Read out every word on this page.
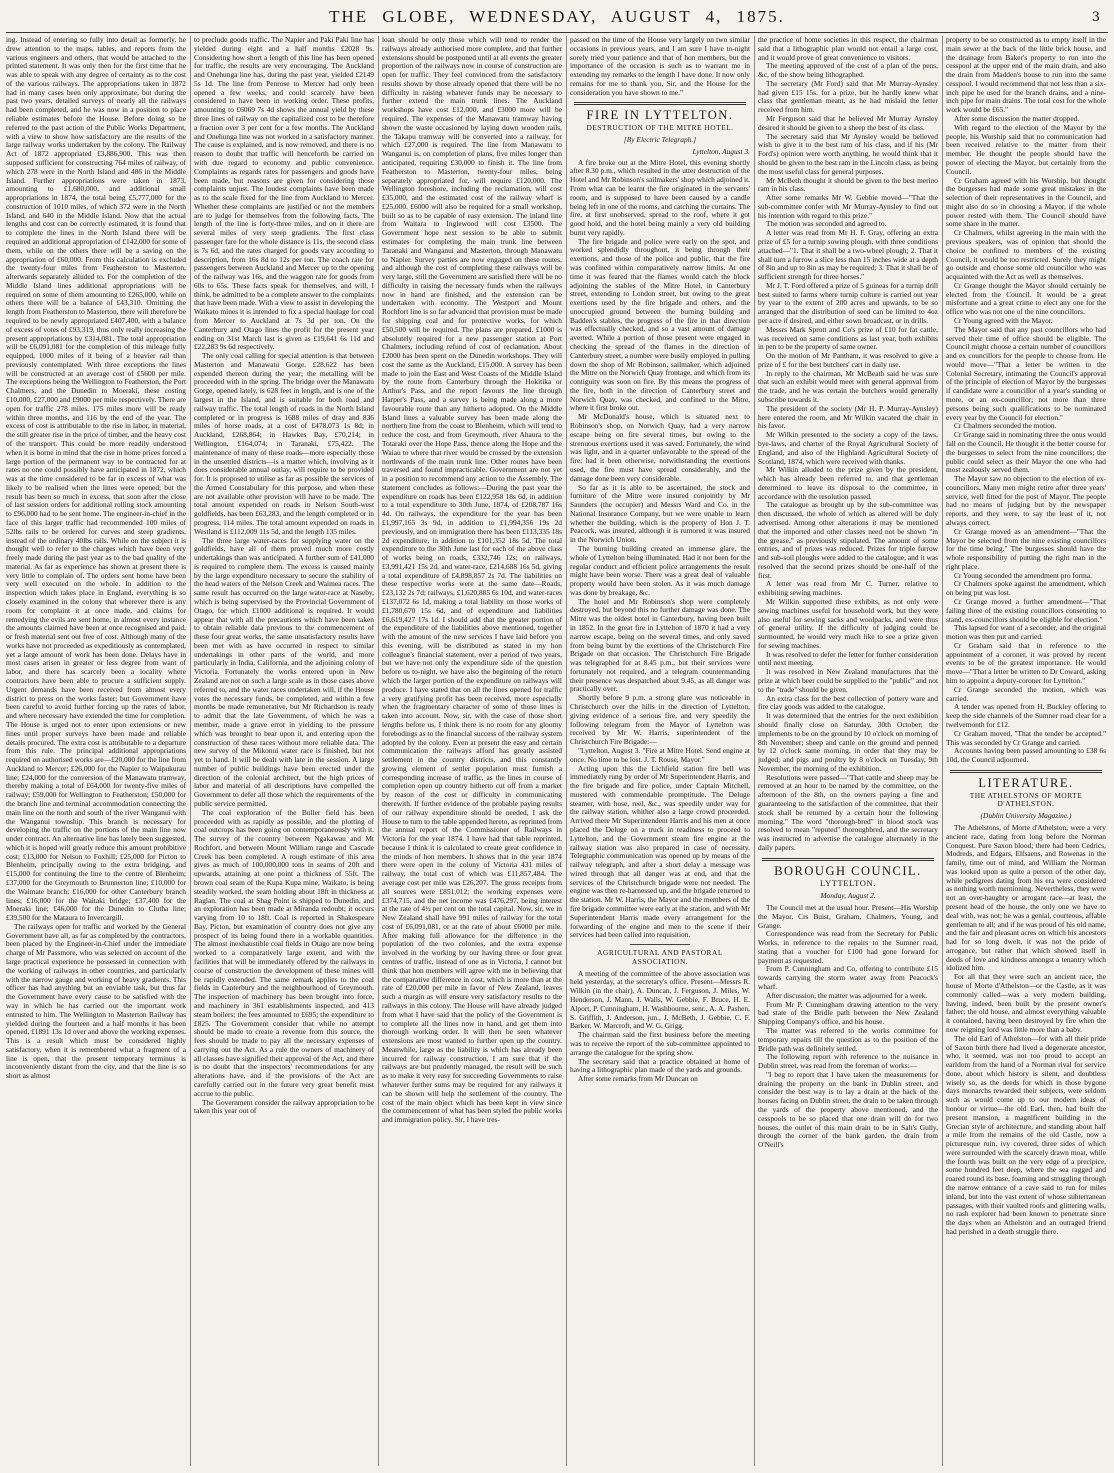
THE GLOBE, WEDNESDAY, AUGUST 4, 1875.	3

ing. Instead of entering so fully into detail as formerly, he drew attention to the maps, tables, and reports from the various engineers and others, that would be attached to the printed statement. It was only then for the first time that he was able to speak with any degree of certainty as to the cost of the various railways. The appropriations taken in 1872 had in many cases been only approximate, but during the past two years, detailed surveys of nearly all the railways had been completed, and he was now in a position to place reliable estimates before the House. Before doing so he referred to the past action of the Public Works Department, with a view to show how satisfactory are the results of the large railway works undertaken by the colony. The Railway Act of 1872 appropriated £3,886,900. This was then supposed sufficient for constructing 764 miles of railway, of which 278 were in the North Island and 486 in the Middle Island. Further appropriations were taken in 1873, amounting to £1,680,000, and additional small appropriations in 1874, the total being £5,777,000 for the construction of 1010 miles, of which 372 were in the North Island, and 640 in the Middle Island. Now that the actual lengths and cost can be correctly estimated, it is found that to complete the lines in the North Island there will be required an additional appropriation of £142,000 for some of them, while on the others there will be a saving on the appropriation of £60,000. From this calculation is excluded the twenty-four miles from Featherston to Masterton, afterwards separately alluded to. For the completion of the Middle Island lines additional appropriations will be required on some of them amounting to £265,000, while on others there will be a balance of £43,310. Omitting the length from Featherston to Masterton, there will therefore be required to be newly appropriated £407,400, with a balance of excess of votes of £93,319, thus only really increasing the present appropriations by £314,081. The total appropriation will be £6,091,081 for the completion of this mileage fully equipped, 1000 miles of it being of a heavier rail than previously contemplated. With three exceptions the lines will be constructed at an average cost of £5600 per mile. The exceptions being the Wellington to Featherston, the Port Chalmers, and the Dunedin to Moeraki, these costing £10,000, £27,000 and £9000 per mile respectively. There are open for traffic 278 miles. 175 miles more will be ready within three months, and 116 by the end of the year. The excess of cost is attributable to the rise in labor, in material, the still greater rise in the price of timber, and the heavy cost of the transport. This could be more readily understood when it is borne in mind that the rise in home prices forced a large portion of the permanent way to be contracted for at rates no one could possibly have anticipated in 1872, which was at the time considered to be far in excess of what was likely to be realised when the lines were opened; but the result has been so much in excess, that soon after the close of last session orders for additional rolling stock amounting to £96,000 had to be sent home. The engineer-in-chief in the face of this larger traffic had recommended 100 miles of 52lbs rails to be ordered for curves and steep gradients, instead of the ordinary 40lbs rails. While on the subject it is thought well to refer to the charges which have been very freely made during the past year as to the bad quality of the material. As far as experience has shown at present there is very little to complain of. The orders sent home have been very well executed on the whole. In addition to the inspection which takes place in England, everything is so closely examined in the colony that wherever there is any room for complaint it at once made, and claims for remedying the evils are sent home, in almost every instance the amounts claimed have been at once recognised and paid, or fresh material sent out free of cost. Although many of the works have not proceeded as expeditiously as contemplated, yet a large amount of work has been done. Delays have in most cases arisen in greater or less degree from want of labor, and there has scarcely been a locality where contractors have been able to procure a sufficient supply. Urgent demands have been received from almost every district to press on the works faster; but Government have been careful to avoid further forcing up the rates of labor, and where necessary have extended the time for completion. The House is urged not to enter upon extensions or new lines until proper surveys have been made and reliable details procured. The extra cost is attributable to a departure from this rule. The principal additional appropriations required on authorised works are—£20,000 for the line from Auckland to Mercer; £26,000 for the Napier to Waipukurau line; £24,000 for the conversion of the Manawatu tramway, thereby making a total of £64,000 for twenty-five miles of railway; £59,000 for Wellington to Featherston; £50,000 for the branch line and terminal accommodation connecting the main line on the north and south of the river Wanganui with the Wanganui township. This branch is necessary for developing the traffic on the portions of the main line now under contract. An alternative line has lately been suggested, which it is hoped will greatly reduce this amount prohibitive cost; £13,000 for Nelson to Foxhill; £25,000 for Picton to Blenheim, principally owing to the extra bridging, and £15,000 for continuing the line to the centre of Blenheim; £37,000 for the Greymouth to Brunnerton line; £10,000 for the Waimate branch; £16,000 for other Canterbury branch lines; £16,000 for the Waitaki bridge; £37,400 for the Moeraki line; £46,000 for the Dunedin to Clutha line; £39,500 for the Mataura to Invercargill.

The railways open for traffic and worked by the General Government have all, as far as completed by the contractors, been placed by the Engineer-in-Chief under the immediate charge of Mr Passmore, who was selected on account of the large practical experience he possessed in connection with the working of railways in other countries, and particularly with the narrow gauge and working of heavy gradients. This officer has had anything but an enviable task, but thus far the Government have every cause to be satisfied with the way in which he has carried out the important work entrusted to him. The Wellington to Masterton Railway has yielded during the fourteen and a half months it has been opened, £1891 13s 1d over and above the working expenses. This is a result which must be considered highly satisfactory, when it is remembered what a fragment of a line is open, that the present temporary terminus is inconveniently distant from the city, and that the line is so short as almost

to preclude goods traffic. The Napier and Paki Paki line has yielded during eight and a half months £2028 9s. Considering how short a length of this line has been opened for traffic, the results are very encouraging. The Auckland and Onehunga line has, during the past year, yielded £2149 5s 1d. The line from Penrose to Mercer had only been opened a few weeks, and could scarcely have been considered to have been in working order. These profits, amounting to £6069 7s 4d shows the annual yield by these three lines of railway on the capitalized cost to be therefore a fraction over 3 per cent for a few months. The Auckland and Onehunga line was not worked in a satisfactory manner. The cause is explained, and is now removed, and there is no reason to doubt that traffic will henceforth be carried on with due regard to economy and public convenience. Complaints as regards rates for passengers and goods have been made, but reasons are given for considering those complaints unjust. The loudest complaints have been made as to the scale fixed for the line from Auckland to Mercer. Whether these complaints are justified or not the members are to judge for themselves from the following facts. The length of the line is forty-three miles, and on it there are several miles of very steep gradients. The first class passenger fare for the whole distance is 11s, the second class is 7s 6d, and the rates charged for goods vary according to description, from 16s 8d to 12s per ton. The coach rate for passengers between Auckland and Mercer up to the opening of the railway was 16s, and the waggon rate for goods from 60s to 65s. These facts speak for themselves, and will, I think, be admitted to be a complete answer to the complaints that have been made. With a view to assist in developing the Waikato mines it is intended to fix a special haulage for coal from Mercer to Auckland at 7s 3d per ton. On the Canterbury and Otago lines the profit for the present year ending on 31st March last is given as £19,641 6s 11d and £22,283 9s 6d respectively.

The only coal calling for special attention is that between Masterton and Manawatu Gorge. £28,622 has been expended thereon during the year; the metalling will be proceeded with in the spring. The bridge over the Manawatu Gorge, opened lately, is 628 feet in length, and is one of the largest in the Island, and is suitable for both road and railway traffic. The total length of roads in the North Island completed or in progress is 1688 miles of dray and 836 miles of horse roads, at a cost of £478,073 1s 8d; in Auckland, £268,864; in Hawkes Bay, £70,214; in Wellington, £164,074; in Taranaki, £75,422. The maintenance of many of these roads—more especially those in the unsettled districts—is a matter which, involving as it does considerable annual outlay, will require to be provided for. It is proposed to utilise as far as possible the services of the Armed Constabulary for this purpose, and when these are not available other provision will have to be made. The total amount expended on roads in Nelson South-west goldfields, has been £63,283, and the length completed or in progress, 114 miles. The total amount expended on roads in Westland is £112,009 11s 5d, and the length 135 miles.

The three large water-races for supplying water on the goldfields, have all of them proved much more costly undertakings than was anticipated. A further sum of £41,000 is required to complete them. The excess is caused mainly by the large expenditure necessary to secure the stability of the head waters of the Nelson Creek and Waimea races. The same result has occurred on the large water-race at Naseby, which is being supervised by the Provincial Government of Otago, for which £1000 additional is required. It would appear that with all the precautions which have been taken to obtain reliable data previous to the commencement of these four great works, the same unsatisfactory results have been met with as have occurred in respect to similar undertakings in other parts of the world, and more particularly in India, California, and the adjoining colony of Victoria. Fortunately the works entered upon in New Zealand are not on such a large scale as in those cases above referred to, and the water races undertaken will, if the House votes the necessary funds, be completed, and within a few months be made remunerative, but Mr Richardson is ready to admit that the late Government, of which he was a member, made a grave error in yielding to the pressure which was brought to bear upon it, and entering upon the construction of these races without more reliable data. The new survey of the Mikonui water race is finished, but not yet to hand. It will be dealt with late in the session. A large number of public buildings have been erected under the direction of the colonial architect, but the high prices of labor and material of all descriptions have compelled the Government to defer all those which the requirements of the public service permitted.

The coal exploration of the Buller field has been proceeded with as rapidly as possible, and the plotting of coal outcrops has been going on contemporaneously with it. The survey of the country between Ngakawau and Mt Rochfort, and between Mount William range and Cascade Creek has been completed. A rough estimate of this area gives as much of 100,000,000 tons in seams of 20ft and upwards, attaining at one point a thickness of 55ft. The brown coal seam of the Kupa Kupa mine, Waikato, is being steadily worked, the seam holding about 18ft in thickness at Raglan. The coal at Shag Point is shipped to Dunedin, and an exploration has been made at Miranda redoubt; it occurs varying from 10 to 18ft. Coal is reported in Shakespeare Bay, Picton, but examination of country does not give any prospect of its being found there in a workable quantities. The almost inexhaustible coal fields in Otago are now being worked to a comparatively large extent, and with the facilities that will be immediately offered by the railways in course of construction the development of these mines will be rapidly extended. The same remark applies to the coal fields in Canterbury and the neighbourhood of Greymouth. The inspection of machinery has been brought into force, and machinery in 361 establishments inspected, and 413 steam boilers; the fees amounted to £695; the expenditure to £825. The Government consider that while no attempt should be made to create a revenue from this source, the fees should be made to pay all the necessary expenses of carrying out the Act. As a rule the owners of machinery of all classes have signified their approval of the Act, and there is no doubt that the inspectors' recommendations for any alterations have, and if the provisions of the Act are carefully carried out in the future very great benefit must accrue to the public.

The Government consider the railway appropriation to be taken this year out of

loan should be only those which will tend to render the railways already authorised more complete, and that further extensions should be postponed until at all events the greater proportion of the railways now in course of construction are open for traffic. They feel convinced from the satisfactory results shown by those already opened that there will be no difficulty in raising whatever funds may be necessary to further extend the main trunk lines. The Auckland workshops have cost £12,000, and £3000 more will be required. The expenses of the Manawatu tramway having shown the waste occasioned by laying down wooden rails, the Takapu tramway will be converted into a railway, for which £27,000 is required. The line from Manawatu to Wanganui is, on completion of plans, five miles longer than anticipated, requiring £30,000 to finish it. The line from Featherston to Masterton, twenty-four miles, being separately appropriated for, will require £120,000. The Wellington foreshore, including the reclamation, will cost £35,000, and the estimated cost of the railway wharf is £25,000. £6000 will also be required for a small workshop, built so as to be capable of easy extension. The inland line from Waitara to Inglewood will cost £3500. The Government hope next session to be able to submit estimates for completing the main trunk line between Taranaki and Wanganui and Masterton, through Manawatu to Napier. Survey parties are now engaged on these routes, and although the cost of completing these railways will be very large, still the Government are satisfied there will be no difficulty in raising the necessary funds when the railways now in hand are finished, and the extension can be undertaken with economy. The Westport and Mount Rochfort line is so far advanced that provision must be made for shipping coal and for protective works, for which £50,500 will be required. The plans are prepared. £1000 is absolutely required for a new passenger station at Port Chalmers, including refund of cost of reclamation. About £2000 has been spent on the Dunedin workshops. They will cost the same as the Auckland, £15,000. A survey has been made to join the East and West Coasts of the Middle Island by the route from Canterbury through the Hokitika or Arthur's Pass, and the report favours the line through Harper's Pass, and a survey is being made along a more favourable route than any hitherto adopted. On the Middle Island lines a valuable survey has been made along the northern line from the coast to Blenheim, which will tend to reduce the cost, and from Greymouth, river Ahaura to the Totaraki over the Hope Pass, thence along the Hope and the Waiau to where that river would be crossed by the extension northwards of the main trunk line. Other routes have been traversed and found impracticable. Government are not yet in a position to recommend any action to the Assembly. The statement concludes as follows:—During the past year the expenditure on roads has been £122,958 18s 6d, in addition to a total expenditure to 30th June, 1874, of £208,787 16s 4d. On railways, the expenditure for the year has been £1,997,165 3s 9d, in addition to £1,994,356 19s 2d previously, and on immigration there has been £113,335 18s 2d expenditure, in addition to £101,352 18s 5d. The total expenditure to the 30th June last for each of the above class of works being on roads, £332,746 12s; on railways, £3,991,421 15s 2d, and water-race, £214,688 16s 5d, giving a total expenditure of £4,898,857 2s 7d. The liabilities on these respective works were at the same date—Roads, £23,132 2s 7d; railways, £1,620,885 6s 10d, and water-races £137,072 6s 1d, making a total liability on those works of £1,780,670 15s 6d, and of expenditure and liabilities £6,619,427 17s 1d. I should add that the greater portion of the expenditure of the liabilities above mentioned, together with the amount of the new services I have laid before you this evening, will be distributed as stated in my hon colleague's financial statement, over a period of two years, but we have not only the expenditure side of the question before us to-night, we have also the beginning of the return which the larger portion of the expenditure on railways will produce. I have stated that on all the lines opened for traffic a very gratifying profit has been received, more especially when the fragmentary character of some of those lines is taken into account. Now, sir, with the case of those short lengths before us, I think there is no room for any gloomy forebodings as to the financial success of the railway system adopted by the colony. Even at present the easy and certain communication the railways afford has greatly assisted settlement in the country districts, and this constantly growing element of settler population must furnish a corresponding increase of traffic, as the lines in course of completion open up country hitherto cut off from a market by reason of the cost or difficulty in communicating therewith. If further evidence of the probable paying results of our railway expenditure should be needed, I ask the House to turn to the table appended hereto, as reprinted from the annual report of the Commissioner of Railways in Victoria for the year 1874. I have had that table reprinted, because I think it is calculated to create great confidence in the minds of hon members. It shows that in the year 1874 there were open in the colony of Victoria 431 miles of railway, the total cost of which was £11,857,484. The average cost per mile was £26,207. The gross receipts from all sources were £851,012; the working expenses were £374,715, and the net income was £476,297, being interest at the rate of 4½ per cent on the total capital. Now, sir, we in New Zealand shall have 991 miles of railway for the total cost of £6,091,081, or at the rate of about £6000 per mile. After making full allowance for the difference in the population of the two colonies, and the extra expense involved in the working by our having three or four great centres of traffic, instead of one as in Victoria, I cannot but think that hon members will agree with me in believing that the comparative difference in cost, which is more than at the rate of £20,000 per mile in favor of New Zealand, leaves such a margin as will ensure very satisfactory results to the railways in this colony. The House will have already judged from what I have said that the policy of the Government is to complete all the lines now in hand, and get them into thorough working order. It will then be seen whatever extensions are most wanted to further open up the country. Meanwhile, large as the liability is which has already been incurred for railway construction, I am sure that if the railways are but prudently managed, the result will be such as to make it very easy for succeeding Governments to raise whatever further sums may be required for any railways it can be shown will help the settlement of the country. The cost of the main object which has been kept in view since the commencement of what has been styled the public works and immigration policy. Sir, I have tres-

passed on the time of the House very largely on two similar occasions in previous years, and I am sure I have to-night sorely tried your patience and that of hon members, but the importance of the occasion is such as to warrant me in extending my remarks to the length I have done. It now only remains for me to thank you, Sir, and the House for the consideration you have shown to me."

FIRE IN LYTTELTON.
DESTRUCTION OF THE MITRE HOTEL.
[By Electric Telegraph.]
Lyttelton, August 3.

A fire broke out at the Mitre Hotel, this evening shortly after 8.30 p.m., which resulted in the utter destruction of the Hotel and Mr Robinson's sailmakers' shop which adjoined it. From what can be learnt the fire originated in the servants' room, and is supposed to have been caused by a candle being left in one of the rooms, and catching the curtains. The fire, at first unobserved, spread to the roof, where it got good hold, and the hotel being mainly a very old building burnt very rapidly.

The fire brigade and police were early on the spot, and worked splendidly throughout, it being through their exertions, and those of the police and public, that the fire was confined within comparatively narrow limits. At one time it was feared that the flames would catch the block adjoining the stables of the Mitre Hotel, in Canterbury street, extending to London street, but owing to the great exertions used by the fire brigade and others, and the unoccupied ground between the burning building and Badden's stables, the progress of the fire in that direction was effectually checked, and so a vast amount of damage averted. While a portion of those present were engaged in checking the spread of the flames in the direction of Canterbury street, a number were busily employed in pulling down the shop of Mr Robinson, sailmaker, which adjoined the Mitre on the Norwich Quay frontage, and which from its contiguity was soon on fire. By this means the progress of the fire, both in the direction of Canterbury street and Norwich Quay, was checked, and confined to the Mitre, where it first broke out.

Mr McDonald's house, which is situated next to Robinson's shop, on Norwich Quay, had a very narrow escape being on fire several times, but owing to the strenuous exertions used it was saved. Fortunately, the wind was light, and in a quarter unfavorable to the spread of the fire; had it been otherwise, notwithstanding the exertions used, the fire must have spread considerably, and the damage done been very considerable.

So far as it is able to be ascertained, the stock and furniture of the Mitre were insured conjointly by Mr Saunders (the occupier) and Messrs Ward and Co. in the National Insurance Company, but we were unable to learn whether the building, which is the property of Hon J. T. Peacock, was insured, although it is rumored it was insured in the Norwich Union.

The burning building created an immense glare, the whole of Lyttelton being illuminated. Had it not been for the regular conduct and efficient police arrangements the result might have been worse. There was a great deal of valuable property would have been stolen. As it was much damage was done by breakage, &c.

The hotel and Mr Robinson's shop were completely destroyed, but beyond this no further damage was done. The Mitre was the oldest hotel in Canterbury, having been built in 1852. In the great fire in Lyttelton of 1870 it had a very narrow escape, being on the several times, and only saved from being burnt by the exertions of the Christchurch Fire Brigade on that occasion. The Christchurch Fire Brigade was telegraphed for at 8.45 p.m., but their services were fortunately not required, and a telegram countermanding their presence was despatched about 9.45, as all danger was practically over.

Shortly before 9 p.m. a strong glare was noticeable in Christchurch over the hills in the direction of Lyttelton, giving evidence of a serious fire, and very speedily the following telegram from the Mayor of Lyttelton was received by Mr W. Harris, superintendent of the Christchurch Fire Brigade:—

"Lyttelton, August 3. "Fire at Mitre Hotel. Send engine at once. No time to be lost. J. T. Rouse, Mayor."

Acting upon this the Lichfield station fire bell was immediately rung by order of Mr Superintendent Harris, and the fire brigade and fire police, under Captain Mitchell, mustered with commendable promptitude. The Deluge steamer, with hose, reel, &c., was speedily under way for the railway station, whither also a large crowd proceeded. Arrived there Mr Superintendent Harris and his men at once placed the Deluge on a truck in readiness to proceed to Lyttelton, and the Government steam fire engine at the railway station was also prepared in case of necessity. Telegraphic communication was opened up by means of the railway telegraph, and after a short delay a message was wired through that all danger was at end, and that the services of the Christchurch brigade were not needed. The engine was then re-harnessed up, and the brigade returned to the station. Mr W. Harris, the Mayor and the members of the fire brigade committee were early at the station, and with Mr Superintendent Harris made every arrangement for the forwarding of the engine and men to the scene if their services had been called into requisition.

AGRICULTURAL AND PASTORAL ASSOCIATION.

A meeting of the committee of the above association was held yesterday, at the secretary's office. Present—Messrs R. Wilkin (in the chair), A. Duncan, J. Ferguson, J. Miles, W. Henderson, J. Mann, J. Walls, W. Gebbie, F. Bruce, H. E. Alport, P. Cunningham, H. Washbourne, senr., A. A. Pashen, S. Griffith, J. Anderson, jun., J. McBeth, J. Gebbie, C. F. Barker, W. Marcroft, and W. G. Grigg.

The chairman said the first business before the meeting was to receive the report of the sub-committee appointed to arrange the catalogue for the spring show.

The secretary said that a practice obtained at home of having a lithographic plan made of the yards and grounds.

After some remarks from Mr Duncan on

the practice of home societies in this respect, the chairman said that a lithographic plan would not entail a large cost, and it would prove of great convenience to visitors.

The meeting approved of the cost of a plan of the pens, &c, of the show being lithographed.

The secretary (Mr Ford) said that Mr Murray-Aynsley had given £15 15s. for a prize, but he hardly knew what class that gentleman meant, as he had mislaid the letter received from him.

Mr Ferguson said that he believed Mr Murray Aynsley desired it should be given to a sheep the best of its class.

The secretary said that Mr Aynsley would be believed wish to give it to the best ram of his class, and if his (Mr Ford's) opinion were worth anything, he would think that it should be given to the best ram in the Lincoln class, as being the most useful class for general purposes.

Mr McBeth thought it should be given to the best merino ram in his class.

After some remarks Mr W. Gebbie moved—"That the sub-committee confer with Mr Murray-Aynsley to find out his intention with regard to this prize."

The motion was seconded and agreed to.

A letter was read from Mr H. F. Gray, offering an extra prize of £5 for a turnip sowing plough, with three conditions attached—"1. That it shall be a two-wheel plough; 2. That it shall turn a furrow a slice less than 15 inches wide at a depth of 8in and up to 8in as may be required; 3. That it shall be of sufficient strength for three horses."

Mr J. T. Ford offered a prize of 5 guineas for a turnip drill best suited to farms where turnip culture is carried out year by year to the extent of 200 acres and upwards, to be so arranged that the distribution of seed can be limited to 4oz per acre if desired, and either sown broadcast, or in drills.

Messrs Mark Sprott and Co's prize of £10 for fat cattle, was received on same conditions as last year, both exhibits in pen to be the property of same owner.

On the motion of Mr Pantham, it was resolved to give a prize of £ for the best butchers' cart in daily use.

In reply to the chairman, Mr McBeath said he was sure that such an exhibit would meet with general approval from the trade, and he was certain the butchers would generally subscribe towards it.

The president of the society (Mr H. P. Murray-Aynsley) here entered the room, and Mr Wilkin vacated the chair in his favor.

Mr Wilkin presented to the society a copy of the laws, bye-laws, and charter of the Royal Agricultural Society of England, and also of the Highland Agricultural Society of Scotland, 1874, which were received with thanks.

Mr Wilkin alluded to the prize given by the president, which has already been referred to, and that gentleman determined to leave its disposal to the committee, in accordance with the resolution passed.

The catalogue as brought up by the sub-committee was then discussed, the whole of which as altered will be duly advertised. Among other alterations it may be mentioned that the imported and other classes need not be shown "in the grease," as previously stipulated. The amount of some entries, and of prizes was reduced. Prizes for triple furrow and sub-soil ploughs were added to the catalogue, and it was resolved that the second prizes should be one-half of the first.

A letter was read from Mr C. Turner, relative to exhibiting sewing machines.

Mr Wilkin supported these exhibits, as not only were sewing machines useful for household work, but they were also useful for sewing sacks and woolpacks, and were thus of general utility. If the difficulty of judging could be surmounted, he would very much like to see a prize given for sewing machines.

It was resolved to defer the letter for further consideration until next meeting.

It was resolved in New Zealand manufactures that the prize at which beer could be supplied to the "public" and not to the "trade" should be given.

An extra class for the best collection of pottery ware and fire clay goods was added to the catalogue.

It was determined that the entries for the next exhibition should finally close on Saturday, 30th October; the implements to be on the ground by 10 o'clock on morning of 8th November; sheep and cattle on the ground and penned by 12 o'clock same morning, in order that they may be judged; and pigs and poultry by 8 o'clock on Tuesday, 9th November, the morning of the exhibition.

Resolutions were passed—"That cattle and sheep may be removed at an hour to be named by the committee, on the afternoon of the 8th, on the owners paying a fine and guaranteeing to the satisfaction of the committee, that their stock shall be returned by a certain hour the following morning." The word "thorough-bred" in blood stock was resolved to mean "reputed" thoroughbred, and the secretary was instructed to advertise the catalogue alternately in the daily papers.

BOROUGH COUNCIL.
LYTTELTON.
Monday, August 2.

The Council met at the usual hour. Present—His Worship the Mayor, Crs Buist, Graham, Chalmers, Young, and Grange.

Correspondence was read from the Secretary for Public Works, in reference to the repairs to the Sumner road, stating that a voucher for £100 had gone forward for payment as requested.

From P. Cunningham and Co, offering to contribute £15 towards carrying the storm water away from Peacock's wharf.

After discussion, the matter was adjourned for a week.

From Mr P. Cunningham drawing attention to the very bad state of the Bridle path between the New Zealand Shipping Company's office, and his house.

The matter was referred to the works committee for temporary repairs till the question as to the position of the Bridle path was definitely settled.

The following report with reference to the nuisance in Dublin street, was read from the foreman of works:—

"I beg to report that I have taken the measurements for draining the property on the bank in Dublin street, and consider the best way is to lay a drain at the back of the houses facing on Dublin street, the drain to be taken through the yards of the property above mentioned, and the cesspools to be so placed that one drain will do for two houses, the outlet of this main drain to be in Salt's Gully, through the corner of the bank garden, the drain from O'Neill's

property to be so constructed as to empty itself in the main sewer at the back of the little brick house, and the drainage from Baker's property to run into the cesspool at the upper end of the main drain, and also the drain from Madden's house to run into the same cesspool. I would recommend that not less than a six-inch pipe be used for the branch drains, and a nine-inch pipe for main drains. The total cost for the whole work would be £65."

After some discussion the matter dropped.

With regard to the election of the Mayor by the people, his Worship said that no communication had been received relative to the matter from their member. He thought the people should have the power of electing the Mayor, but certainly from the Council.

Cr Graham agreed with his Worship, but thought the burgesses had made some great mistakes in the selection of their representatives in the Council, and might also do so in choosing a Mayor, if the whole power rested with them. The Council should have some share in the matter.

Cr Chalmers, whilst agreeing in the main with the previous speakers, was of opinion that should the choice be confined to members of the existing Council, it would be too restricted. Surely they might go outside and choose some old councillor who was acquainted with the Act as well as themselves.

Cr Grange thought the Mayor should certainly be elected from the Council. It would be a great misfortune and a great crime to elect any one for the office who was not one of the nine councillors.

Cr Young agreed with the Mayor.

The Mayor said that any past councillors who had served their time of office should be eligible. The Council might choose a certain number of councillors and ex councillors for the people to choose from. He would move—"That a letter be written to the Colonial Secretary, intimating the Council's approval of the principle of election of Mayor by the burgesses if candidate were a councillor of a year's standing or more, or an ex-councillor; not more than three persons being such qualifications to be nominated every year by the Council for election."

Cr Chalmers seconded the motion.

Cr Grange said in nominating three the onus would fall on the Council. He thought it the better course for the burgesses to select from the nine councillors; the public could select as their Mayor the one who had most zealously served them.

The Mayor saw no objection to the election of ex-councillors. Many men might retire after three years' service, well fitted for the post of Mayor. The people had no means of judging but by the newspaper reports, and they were, to say the least of it, not always correct.

Cr Grange moved as an amendment—"That the Mayor be selected from the nine existing councillors for the time being." The burgesses should have the whole responsibility of putting the right man in the right place.

Cr Young seconded the amendment pro forma.

Cr Chalmers spoke against the amendment, which on being put was lost.

Cr Grange moved a further amendment—"That failing three of the existing councillors consenting to stand, ex-councillors should be eligible for election."

This lapsed for want of a seconder, and the original motion was then put and carried.

Cr Graham said that in reference to the appointment of a coroner, it was proved by recent events to be of the greatest importance. He would move—"That a letter be written to Dr Coward, asking him to appoint a deputy-coroner for Lyttelton."

Cr Grange seconded the motion, which was carried.

A tender was opened from H. Buckley offering to keep the side channels of the Sumner road clear for a twelvemonth for £12.

Cr Graham moved, "That the tender be accepted." This was seconded by Cr Grange and carried.

Accounts having been passed amounting to £38 6s 10d, the Council adjourned.

LITERATURE.
THE ATHELSTONS OF MORTE D'ATHELSTON.
(Dublin University Magazine.)

The Athelstons, of Morte d'Athelston, were a very ancient race, dating from long before the Norman Conquest. Pure Saxon blood; there had been Cedrics, Modreds, and Edgars, Elfsaens, and Rowenas in the family, time out of mind, and William the Norman was looked upon as quite a person of the other day, while pedigrees dating from his era were considered as nothing worth mentioning. Nevertheless, they were not an over-haughty or arrogant race—at least, the present head of the house, the only one we have to deal with, was not; he was a genial, courteous, affable gentleman to all; and if he was proud of his old name, and the fair and pleasant acres on which his ancestors had for so long dwelt, it was not the pride of arrogance, but rather that which showed itself in deeds of love and kindness amongst a tenantry which idolized him.

For all that they were such an ancient race, the house of Morte d'Athelston—or the Castle, as it was commonly called—was a very modern building, having, indeed, been built by the present owner's father; the old house, and almost everything valuable it contained, having been destroyed by fire when the now reigning lord was little more than a baby.

The old Earl of Athelston—for with all their pride of Saxon birth there had lived a degenerate ancestor, who, it seemed, was not too proud to accept an earldom from the hand of a Norman rival for service done, about which history is silent, and doubtless wisely so, as the deeds for which in those bygone days monarchs rewarded their subjects, were seldom such as would come up to our modern ideas of honour or virtue—the old Earl, then, had built the present mansion, a magnificent building in the Grecian style of architecture, and standing about half a mile from the remains of the old Castle, now a picturesque ruin, ivy covered, three sides of which were surrounded with the scarcely drawn moat, while the fourth was built on the very edge of a precipice, some hundred feet deep, where the sea ragged and roared round its base, foaming and struggling through the narrow entrance of a cave said to run for miles inland, but into the vast extent of whose subterranean passages, with their vaulted roofs and glittering walls, no rash explorer had been known to penetrate since the days when an Athelston and an outraged friend had perished in a death struggle there.
